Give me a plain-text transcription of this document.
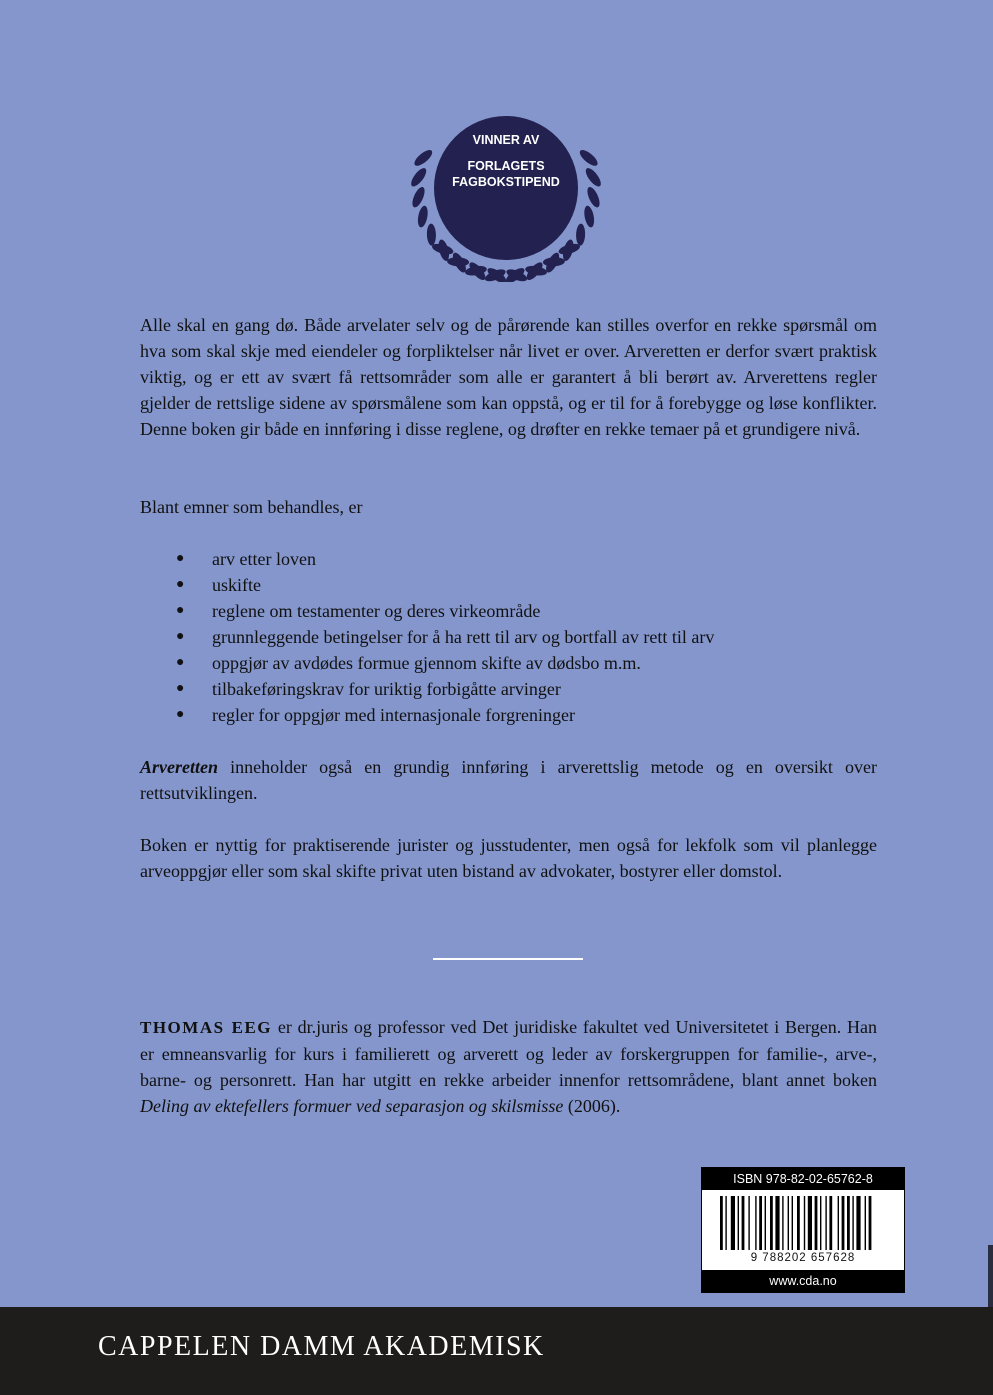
VINNER AV
FORLAGETS
FAGBOKSTIPEND

Alle skal en gang dø. Både arvelater selv og de pårørende kan stilles overfor en rekke spørsmål om hva som skal skje med eiendeler og forpliktelser når livet er over. Arveretten er derfor svært praktisk viktig, og er ett av svært få rettsområder som alle er garantert å bli berørt av. Arverettens regler gjelder de rettslige sidene av spørsmålene som kan oppstå, og er til for å forebygge og løse konflikter. Denne boken gir både en innføring i disse reglene, og drøfter en rekke temaer på et grundigere nivå.

Blant emner som behandles, er

● arv etter loven
● uskifte
● reglene om testamenter og deres virkeområde
● grunnleggende betingelser for å ha rett til arv og bortfall av rett til arv
● oppgjør av avdødes formue gjennom skifte av dødsbo m.m.
● tilbakeføringskrav for uriktig forbigåtte arvinger
● regler for oppgjør med internasjonale forgreninger

Arveretten inneholder også en grundig innføring i arverettslig metode og en oversikt over rettsutviklingen.

Boken er nyttig for praktiserende jurister og jusstudenter, men også for lekfolk som vil planlegge arveoppgjør eller som skal skifte privat uten bistand av advokater, bostyrer eller domstol.

THOMAS EEG er dr.juris og professor ved Det juridiske fakultet ved Universitetet i Bergen. Han er emneansvarlig for kurs i familierett og arverett og leder av forskergruppen for familie-, arve-, barne- og personrett. Han har utgitt en rekke arbeider innenfor rettsområdene, blant annet boken Deling av ektefellers formuer ved separasjon og skilsmisse (2006).

ISBN 978-82-02-65762-8
9 788202 657628
www.cda.no
CAPPELEN DAMM AKADEMISK
